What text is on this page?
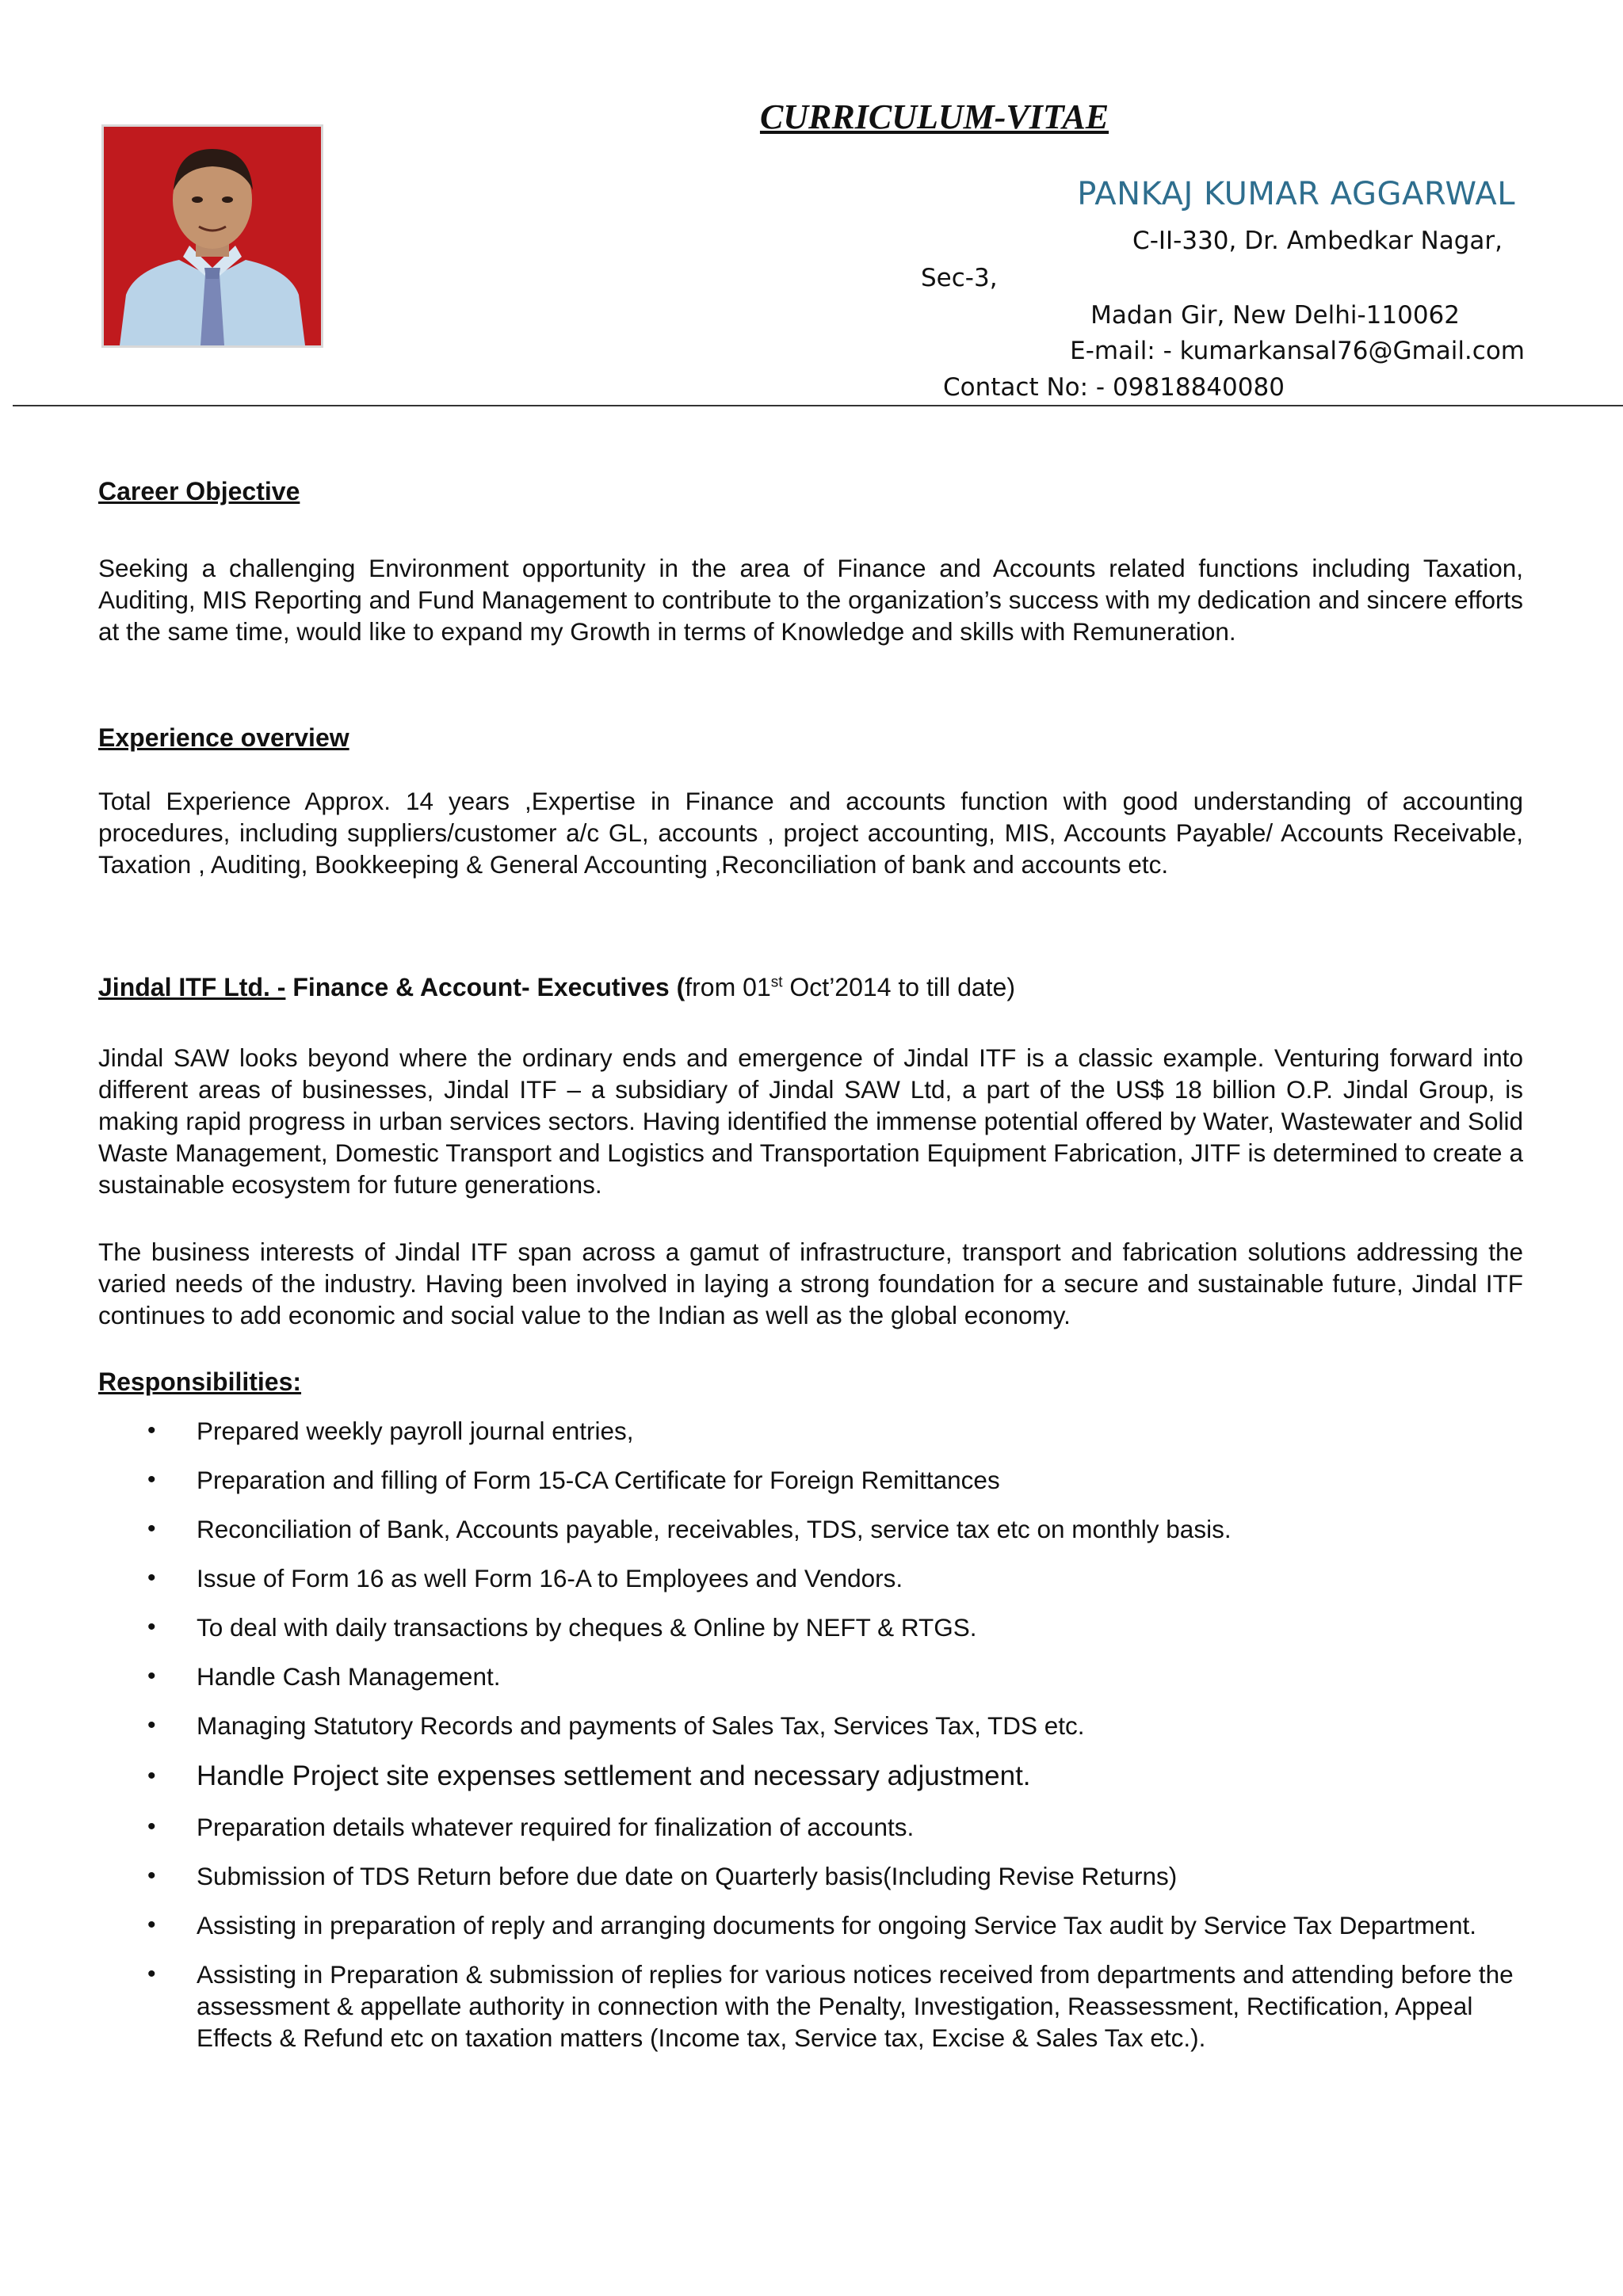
CURRICULUM-VITAE
PANKAJ KUMAR AGGARWAL
C-II-330, Dr. Ambedkar Nagar,
Sec-3,
Madan Gir, New Delhi-110062
E-mail: - kumarkansal76@Gmail.com
Contact No: - 09818840080
Career Objective

Seeking a challenging Environment opportunity in the area of Finance and Accounts related functions including Taxation, Auditing, MIS Reporting and Fund Management to contribute to the organization’s success with my dedication and sincere efforts at the same time, would like to expand my Growth in terms of Knowledge and skills with Remuneration.

Experience overview

Total Experience Approx. 14 years ,Expertise in Finance and accounts function with good understanding of accounting procedures, including suppliers/customer a/c GL, accounts , project accounting, MIS, Accounts Payable/ Accounts Receivable, Taxation , Auditing, Bookkeeping & General Accounting ,Reconciliation of bank and accounts etc.

Jindal ITF Ltd. - Finance & Account- Executives (from 01st Oct’2014 to till date)

Jindal SAW looks beyond where the ordinary ends and emergence of Jindal ITF is a classic example. Venturing forward into different areas of businesses, Jindal ITF – a subsidiary of Jindal SAW Ltd, a part of the US$ 18 billion O.P. Jindal Group, is making rapid progress in urban services sectors. Having identified the immense potential offered by Water, Wastewater and Solid Waste Management, Domestic Transport and Logistics and Transportation Equipment Fabrication, JITF is determined to create a sustainable ecosystem for future generations.

The business interests of Jindal ITF span across a gamut of infrastructure, transport and fabrication solutions addressing the varied needs of the industry. Having been involved in laying a strong foundation for a secure and sustainable future, Jindal ITF continues to add economic and social value to the Indian as well as the global economy.

Responsibilities:
• Prepared weekly payroll journal entries,
• Preparation and filling of Form 15-CA Certificate for Foreign Remittances
• Reconciliation of Bank, Accounts payable, receivables, TDS, service tax etc on monthly basis.
• Issue of Form 16 as well Form 16-A to Employees and Vendors.
• To deal with daily transactions by cheques & Online by NEFT & RTGS.
• Handle Cash Management.
• Managing Statutory Records and payments of Sales Tax, Services Tax, TDS etc.
• Handle Project site expenses settlement and necessary adjustment.
• Preparation details whatever required for finalization of accounts.
• Submission of TDS Return before due date on Quarterly basis(Including Revise Returns)
• Assisting in preparation of reply and arranging documents for ongoing Service Tax audit by Service Tax Department.
• Assisting in Preparation & submission of replies for various notices received from departments and attending before the assessment & appellate authority in connection with the Penalty, Investigation, Reassessment, Rectification, Appeal Effects & Refund etc on taxation matters (Income tax, Service tax, Excise & Sales Tax etc.).
